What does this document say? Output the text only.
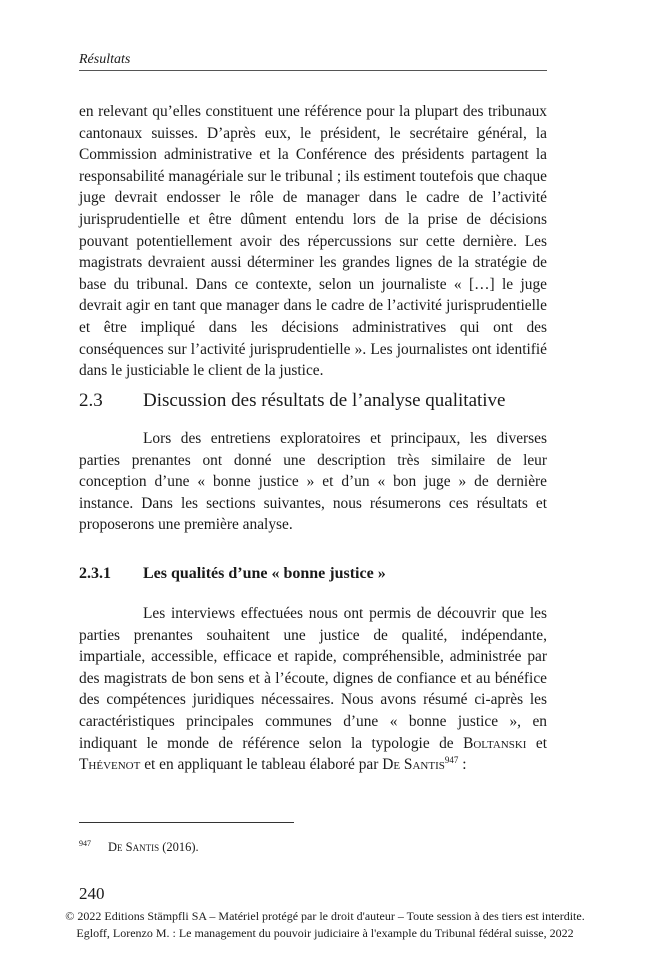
Résultats

en relevant qu’elles constituent une référence pour la plupart des tribunaux cantonaux suisses. D’après eux, le président, le secrétaire général, la Commission administrative et la Conférence des présidents partagent la responsabilité managériale sur le tribunal ; ils estiment toutefois que chaque juge devrait endosser le rôle de manager dans le cadre de l’activité jurisprudentielle et être dûment entendu lors de la prise de décisions pouvant potentiellement avoir des répercussions sur cette dernière. Les magistrats devraient aussi déterminer les grandes lignes de la stratégie de base du tribunal. Dans ce contexte, selon un journaliste « […] le juge devrait agir en tant que manager dans le cadre de l’activité jurisprudentielle et être impliqué dans les décisions administratives qui ont des conséquences sur l’activité jurisprudentielle ». Les journalistes ont identifié dans le justiciable le client de la justice.

2.3 Discussion des résultats de l’analyse qualitative

Lors des entretiens exploratoires et principaux, les diverses parties prenantes ont donné une description très similaire de leur conception d’une « bonne justice » et d’un « bon juge » de dernière instance. Dans les sections suivantes, nous résumerons ces résultats et proposerons une première analyse.

2.3.1 Les qualités d’une « bonne justice »

Les interviews effectuées nous ont permis de découvrir que les parties prenantes souhaitent une justice de qualité, indépendante, impartiale, accessible, efficace et rapide, compréhensible, administrée par des magistrats de bon sens et à l’écoute, dignes de confiance et au bénéfice des compétences juridiques nécessaires. Nous avons résumé ci-après les caractéristiques principales communes d’une « bonne justice », en indiquant le monde de référence selon la typologie de Boltanski et Thévenot et en appliquant le tableau élaboré par De Santis$^{947}$ :

947 De Santis (2016).
240
© 2022 Editions Stämpfli SA – Matériel protégé par le droit d'auteur – Toute session à des tiers est interdite.
Egloff, Lorenzo M. : Le management du pouvoir judiciaire à l'example du Tribunal fédéral suisse, 2022
